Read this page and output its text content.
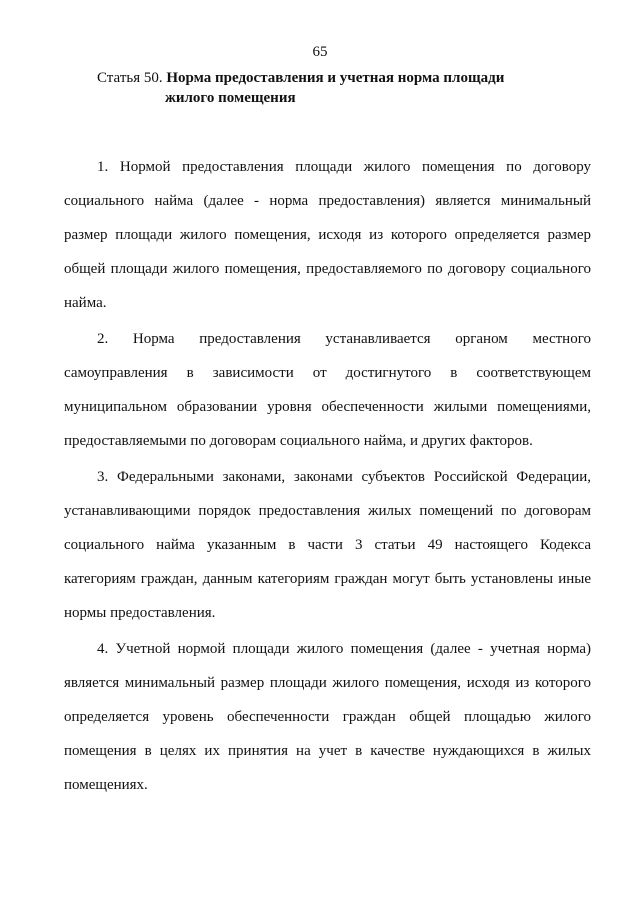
65
Статья 50. Норма предоставления и учетная норма площади
жилого помещения

1. Нормой предоставления площади жилого помещения по договору социального найма (далее - норма предоставления) является минимальный размер площади жилого помещения, исходя из которого определяется размер общей площади жилого помещения, предоставляемого по договору социального найма.

2. Норма предоставления устанавливается органом местного самоуправления в зависимости от достигнутого в соответствующем муниципальном образовании уровня обеспеченности жилыми помещениями, предоставляемыми по договорам социального найма, и других факторов.

3. Федеральными законами, законами субъектов Российской Федерации, устанавливающими порядок предоставления жилых помещений по договорам социального найма указанным в части 3 статьи 49 настоящего Кодекса категориям граждан, данным категориям граждан могут быть установлены иные нормы предоставления.

4. Учетной нормой площади жилого помещения (далее - учетная норма) является минимальный размер площади жилого помещения, исходя из которого определяется уровень обеспеченности граждан общей площадью жилого помещения в целях их принятия на учет в качестве нуждающихся в жилых помещениях.
